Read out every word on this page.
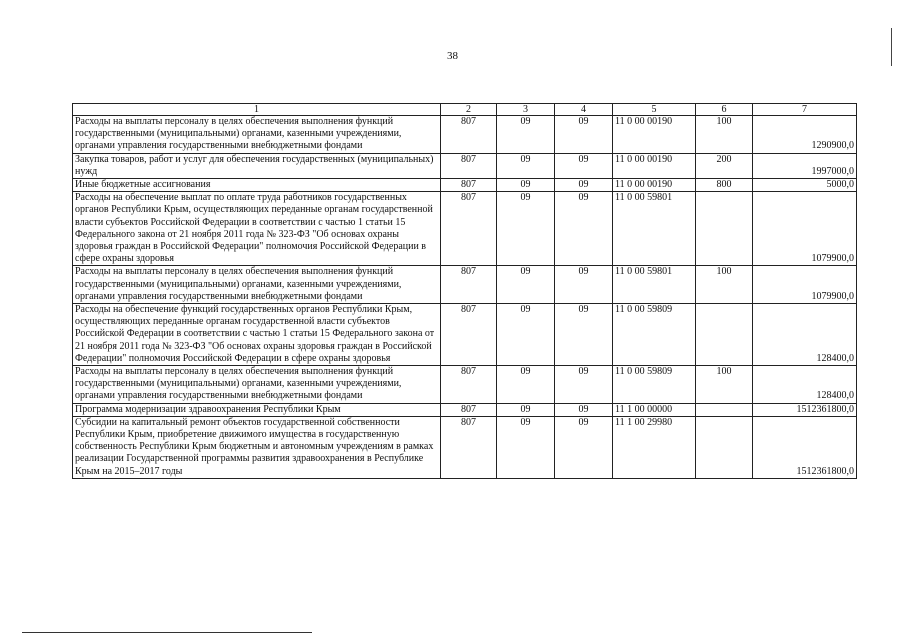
38
1	2	3	4	5	6	7
Расходы на выплаты персоналу в целях обеспечения выполнения функций государственными (муниципальными) органами, казенными учреждениями, органами управления государственными внебюджетными фондами	807	09	09	11 0 00 00190	100	1290900,0
Закупка товаров, работ и услуг для обеспечения государственных (муниципальных) нужд	807	09	09	11 0 00 00190	200	1997000,0
Иные бюджетные ассигнования	807	09	09	11 0 00 00190	800	5000,0
Расходы на обеспечение выплат по оплате труда работников государственных органов Республики Крым, осуществляющих переданные органам государственной власти субъектов Российской Федерации в соответствии с частью 1 статьи 15 Федерального закона от 21 ноября 2011 года № 323-ФЗ "Об основах охраны здоровья граждан в Российской Федерации" полномочия Российской Федерации в сфере охраны здоровья	807	09	09	11 0 00 59801		1079900,0
Расходы на выплаты персоналу в целях обеспечения выполнения функций государственными (муниципальными) органами, казенными учреждениями, органами управления государственными внебюджетными фондами	807	09	09	11 0 00 59801	100	1079900,0
Расходы на обеспечение функций государственных органов Республики Крым, осуществляющих переданные органам государственной власти субъектов Российской Федерации в соответствии с частью 1 статьи 15 Федерального закона от 21 ноября 2011 года № 323-ФЗ "Об основах охраны здоровья граждан в Российской Федерации" полномочия Российской Федерации в сфере охраны здоровья	807	09	09	11 0 00 59809		128400,0
Расходы на выплаты персоналу в целях обеспечения выполнения функций государственными (муниципальными) органами, казенными учреждениями, органами управления государственными внебюджетными фондами	807	09	09	11 0 00 59809	100	128400,0
Программа модернизации здравоохранения Республики Крым	807	09	09	11 1 00 00000		1512361800,0
Субсидии на капитальный ремонт объектов государственной собственности Республики Крым, приобретение движимого имущества в государственную собственность Республики Крым бюджетным и автономным учреждениям в рамках реализации Государственной программы развития здравоохранения в Республике Крым на 2015–2017 годы	807	09	09	11 1 00 29980		1512361800,0
